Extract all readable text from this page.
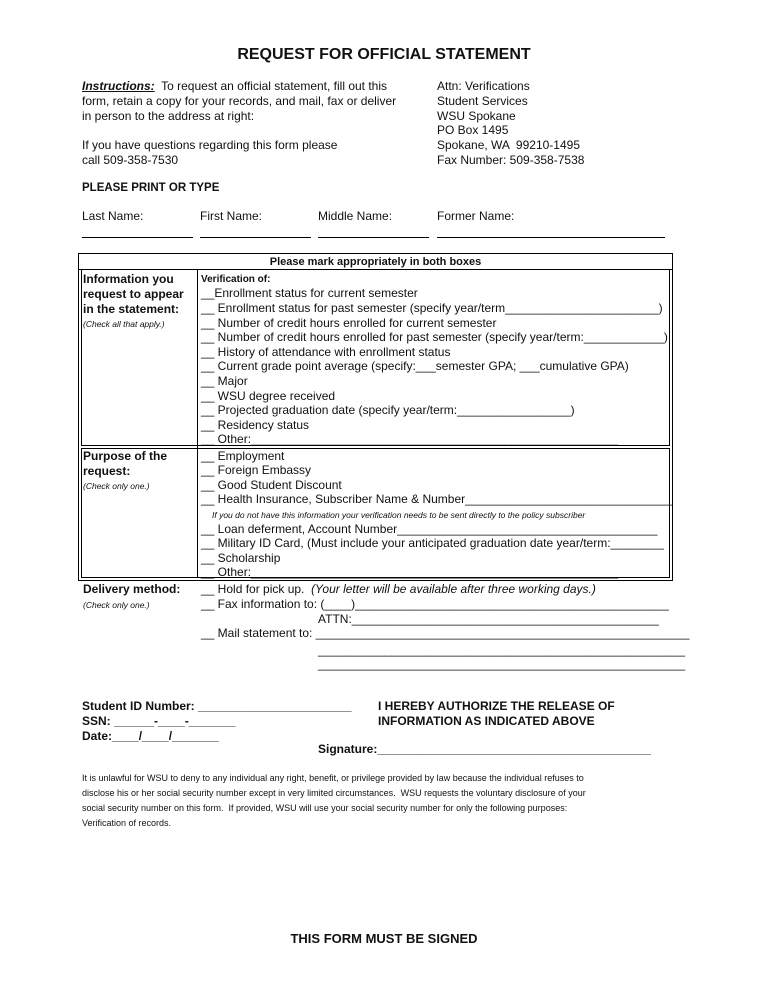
REQUEST FOR OFFICIAL STATEMENT
Instructions: To request an official statement, fill out this
form, retain a copy for your records, and mail, fax or deliver
in person to the address at right:
If you have questions regarding this form please
call 509-358-7530
Attn: Verifications
Student Services
WSU Spokane
PO Box 1495
Spokane, WA  99210-1495
Fax Number: 509-358-7538
PLEASE PRINT OR TYPE
Last Name:	First Name:	Middle Name:	Former Name:
Please mark appropriately in both boxes
Information you
request to appear
in the statement:
(Check all that apply.)
Verification of:
__Enrollment status for current semester
__ Enrollment status for past semester (specify year/term_______________________)
__ Number of credit hours enrolled for current semester
__ Number of credit hours enrolled for past semester (specify year/term:____________)
__ History of attendance with enrollment status
__ Current grade point average (specify:___semester GPA; ___cumulative GPA)
__ Major
__ WSU degree received
__ Projected graduation date (specify year/term:_________________)
__ Residency status
__ Other:_______________________________________________________
Purpose of the
request:
(Check only one.)
__ Employment
__ Foreign Embassy
__ Good Student Discount
__ Health Insurance, Subscriber Name & Number_______________________________
If you do not have this information your verification needs to be sent directly to the policy subscriber
__ Loan deferment, Account Number_______________________________________
__ Military ID Card, (Must include your anticipated graduation date year/term:________
__ Scholarship
__ Other:_______________________________________________________
Delivery method:
(Check only one.)
__ Hold for pick up. (Your letter will be available after three working days.)
__ Fax information to: (____)_______________________________________________
ATTN:______________________________________________
__ Mail statement to: ________________________________________________________
_______________________________________________________
_______________________________________________________
Student ID Number: _______________________
SSN: ______-____-_______
Date:____/____/_______
I HEREBY AUTHORIZE THE RELEASE OF
INFORMATION AS INDICATED ABOVE
Signature:_________________________________________
It is unlawful for WSU to deny to any individual any right, benefit, or privilege provided by law because the individual refuses to
disclose his or her social security number except in very limited circumstances.  WSU requests the voluntary disclosure of your
social security number on this form.  If provided, WSU will use your social security number for only the following purposes:
Verification of records.
THIS FORM MUST BE SIGNED
